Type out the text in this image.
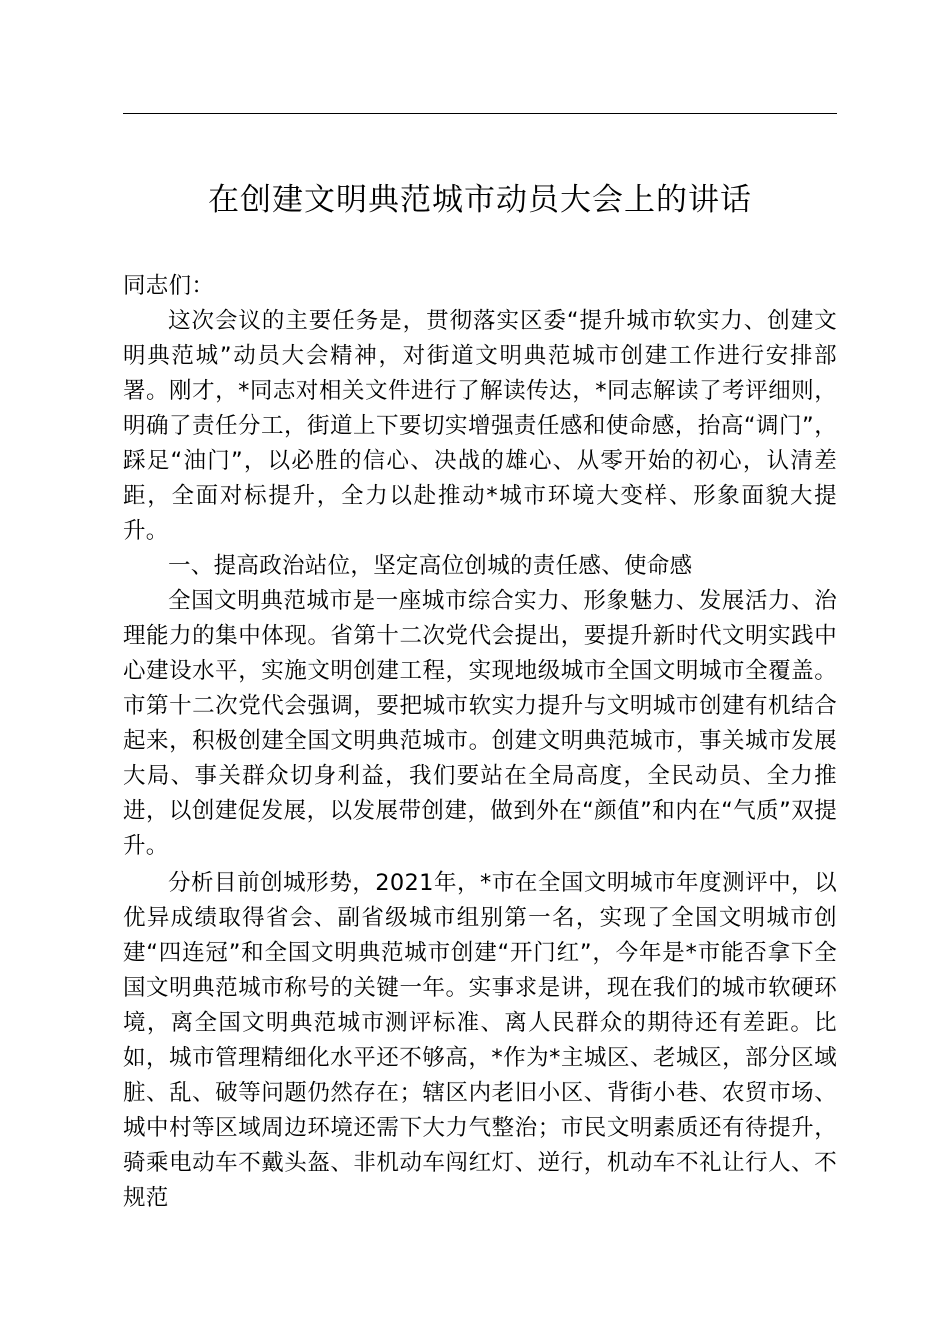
在创建文明典范城市动员大会上的讲话

同志们：

这次会议的主要任务是，贯彻落实区委“提升城市软实力、创建文明典范城”动员大会精神，对街道文明典范城市创建工作进行安排部署。刚才，*同志对相关文件进行了解读传达，*同志解读了考评细则，明确了责任分工，街道上下要切实增强责任感和使命感，抬高“调门”，踩足“油门”，以必胜的信心、决战的雄心、从零开始的初心，认清差距，全面对标提升，全力以赴推动*城市环境大变样、形象面貌大提升。

一、提高政治站位，坚定高位创城的责任感、使命感

全国文明典范城市是一座城市综合实力、形象魅力、发展活力、治理能力的集中体现。省第十二次党代会提出，要提升新时代文明实践中心建设水平，实施文明创建工程，实现地级城市全国文明城市全覆盖。市第十二次党代会强调，要把城市软实力提升与文明城市创建有机结合起来，积极创建全国文明典范城市。创建文明典范城市，事关城市发展大局、事关群众切身利益，我们要站在全局高度，全民动员、全力推进，以创建促发展，以发展带创建，做到外在“颜值”和内在“气质”双提升。

分析目前创城形势，2021年，*市在全国文明城市年度测评中，以优异成绩取得省会、副省级城市组别第一名，实现了全国文明城市创建“四连冠”和全国文明典范城市创建“开门红”，今年是*市能否拿下全国文明典范城市称号的关键一年。实事求是讲，现在我们的城市软硬环境，离全国文明典范城市测评标准、离人民群众的期待还有差距。比如，城市管理精细化水平还不够高，*作为*主城区、老城区，部分区域脏、乱、破等问题仍然存在；辖区内老旧小区、背街小巷、农贸市场、城中村等区域周边环境还需下大力气整治；市民文明素质还有待提升，骑乘电动车不戴头盔、非机动车闯红灯、逆行，机动车不礼让行人、不规范
